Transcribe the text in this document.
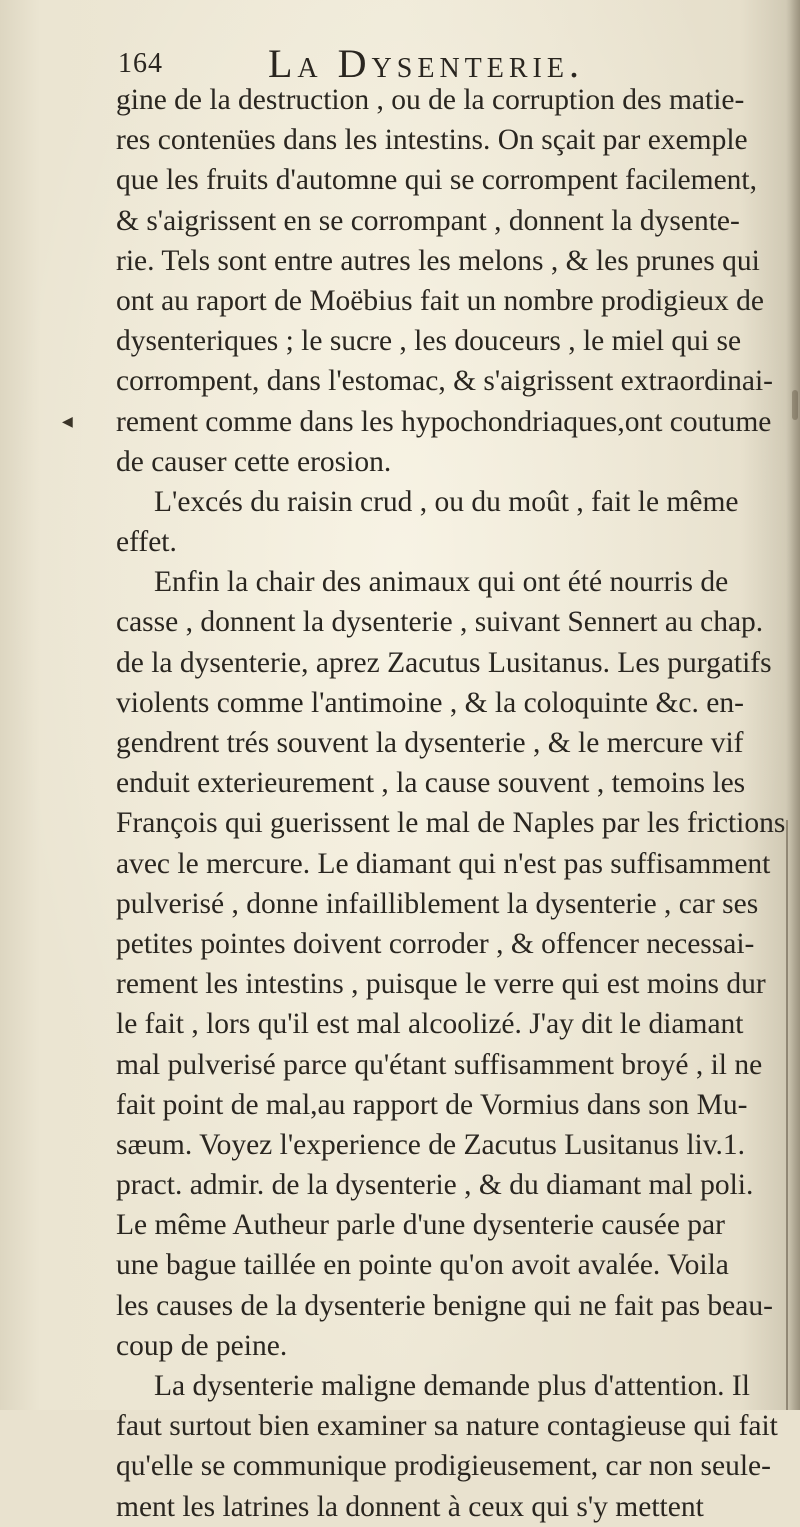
◀
164	La Dysenterie.
gine de la destruction , ou de la corruption des matie-
res contenües dans les intestins. On sçait par exemple
que les fruits d'automne qui se corrompent facilement,
& s'aigrissent en se corrompant , donnent la dysente-
rie. Tels sont entre autres les melons , & les prunes qui
ont au raport de Moëbius fait un nombre prodigieux de
dysenteriques ; le sucre , les douceurs , le miel qui se
corrompent, dans l'estomac, & s'aigrissent extraordinai-
rement comme dans les hypochondriaques,ont coutume
de causer cette erosion.
L'excés du raisin crud , ou du moût , fait le même
effet.
Enfin la chair des animaux qui ont été nourris de
casse , donnent la dysenterie , suivant Sennert au chap.
de la dysenterie, aprez Zacutus Lusitanus. Les purgatifs
violents comme l'antimoine , & la coloquinte &c. en-
gendrent trés souvent la dysenterie , & le mercure vif
enduit exterieurement , la cause souvent , temoins les
François qui guerissent le mal de Naples par les frictions
avec le mercure. Le diamant qui n'est pas suffisamment
pulverisé , donne infailliblement la dysenterie , car ses
petites pointes doivent corroder , & offencer necessai-
rement les intestins , puisque le verre qui est moins dur
le fait , lors qu'il est mal alcoolizé. J'ay dit le diamant
mal pulverisé parce qu'étant suffisamment broyé , il ne
fait point de mal,au rapport de Vormius dans son Mu-
sæum. Voyez l'experience de Zacutus Lusitanus liv.1.
pract. admir. de la dysenterie , & du diamant mal poli.
Le même Autheur parle d'une dysenterie causée par
une bague taillée en pointe qu'on avoit avalée. Voila
les causes de la dysenterie benigne qui ne fait pas beau-
coup de peine.
La dysenterie maligne demande plus d'attention. Il
faut surtout bien examiner sa nature contagieuse qui fait
qu'elle se communique prodigieusement, car non seule-
ment les latrines la donnent à ceux qui s'y mettent
